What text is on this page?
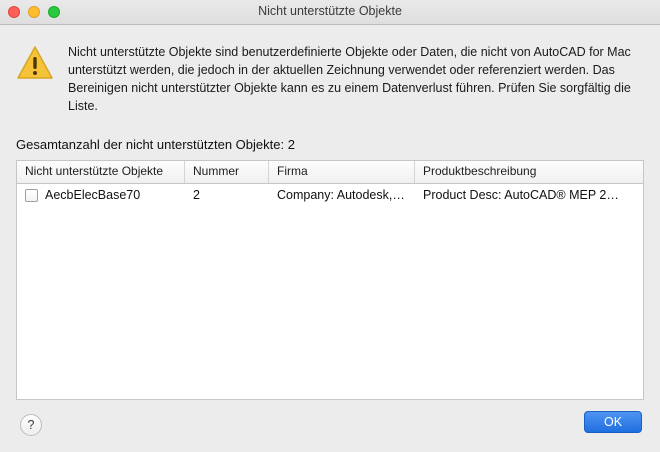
Nicht unterstützte Objekte
Nicht unterstützte Objekte sind benutzerdefinierte Objekte oder Daten, die nicht von AutoCAD for Mac unterstützt werden, die jedoch in der aktuellen Zeichnung verwendet oder referenziert werden. Das Bereinigen nicht unterstützter Objekte kann es zu einem Datenverlust führen. Prüfen Sie sorgfältig die Liste.
Gesamtanzahl der nicht unterstützten Objekte: 2
Nicht unterstützte Objekte	Nummer	Firma	Produktbeschreibung
AecbElecBase70	2	Company: Autodesk,…	Product Desc: AutoCAD® MEP 2…
?	OK
